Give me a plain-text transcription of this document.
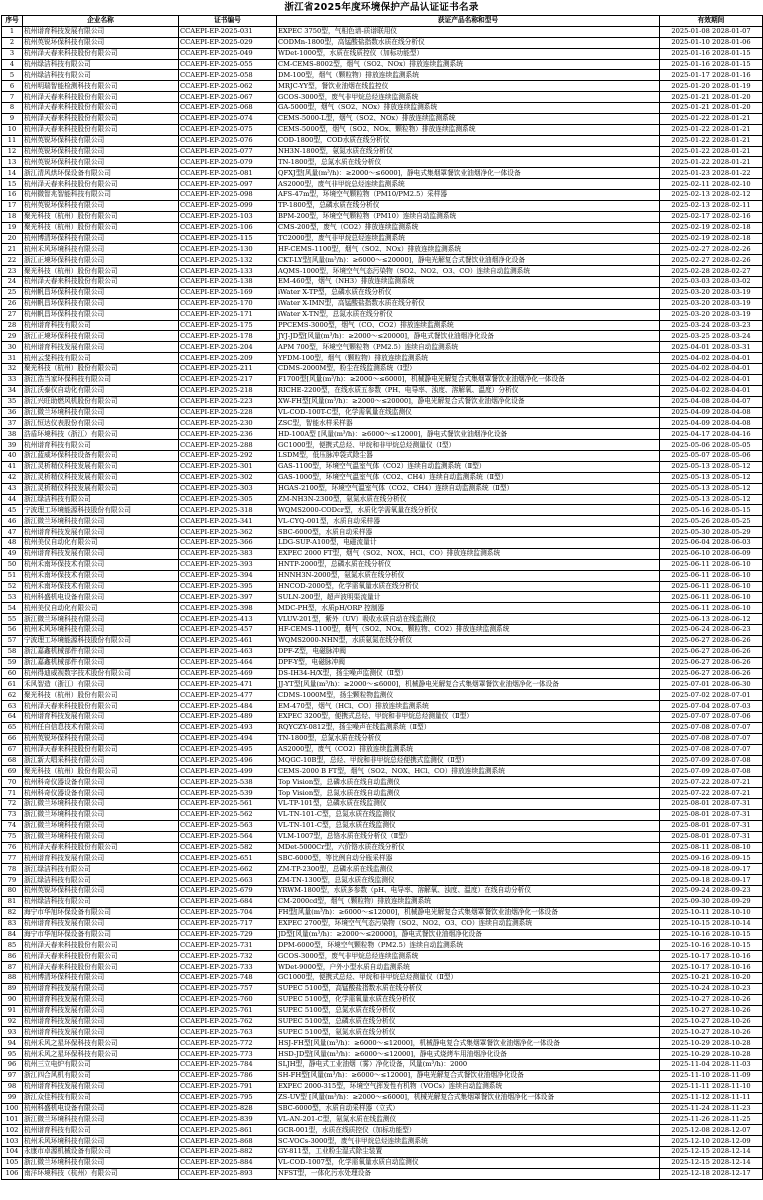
浙江省2025年度环境保护产品认证证书名录
序号	企业名称	证书编号	获证产品名称和型号	有效期间
1	杭州谱育科技发展有限公司	CCAEPI-EP-2025-031	EXPEC 3750型，气相色谱-质谱联用仪	2025-01-08 2028-01-07
2	杭州英锐环保科技有限公司	CCAEPI-EP-2025-029	CODMn-1800型，高锰酸盐指数水质在线分析仪	2025-01-10 2028-01-06
3	杭州泽天春来科技股份有限公司	CCAEPI-EP-2025-049	WDet-1000型，水质在线质控仪（加标功能型）	2025-01-16 2028-01-15
4	杭州绿洁科技有限公司	CCAEPI-EP-2025-055	CM-CEMS-8002型，烟气（SO2、NOx）排放连续监测系统	2025-01-16 2028-01-15
5	杭州绿洁科技有限公司	CCAEPI-EP-2025-058	DM-100型，烟气（颗粒物）排放连续监测系统	2025-01-17 2028-01-16
6	杭州明瑞智能检测科技有限公司	CCAEPI-EP-2025-062	MRJC-YY型，餐饮业油烟在线监控仪	2025-01-20 2028-01-19
7	杭州泽天春来科技股份有限公司	CCAEPI-EP-2025-067	GCOS-3000型，废气非甲烷总烃连续监测系统	2025-01-21 2028-01-20
8	杭州泽天春来科技股份有限公司	CCAEPI-EP-2025-068	GA-5000型，烟气（SO2、NOx）排放连续监测系统	2025-01-21 2028-01-20
9	杭州泽天春来科技股份有限公司	CCAEPI-EP-2025-074	CEMS-5000-L型，烟气（SO2、NOx）排放连续监测系统	2025-01-22 2028-01-21
10	杭州泽天春来科技股份有限公司	CCAEPI-EP-2025-075	CEMS-5000型，烟气（SO2、NOx、颗粒物）排放连续监测系统	2025-01-22 2028-01-21
11	杭州英锐环保科技有限公司	CCAEPI-EP-2025-076	COD-1800型，COD水质在线分析仪	2025-01-22 2028-01-21
12	杭州英锐环保科技有限公司	CCAEPI-EP-2025-077	NH3N-1800型，氨氮水质在线分析仪	2025-01-22 2028-01-21
13	杭州英锐环保科技有限公司	CCAEPI-EP-2025-079	TN-1800型，总氮水质在线分析仪	2025-01-22 2028-01-21
14	浙江清风烘环保设备有限公司	CCAEPI-EP-2025-081	QFXJ型[风量(m³/h)：≥2000～≤6000]，静电式集烟罩餐饮业油烟净化一体设备	2025-01-23 2028-01-22
15	杭州泽天春来科技股份有限公司	CCAEPI-EP-2025-097	AS2000型，废气非甲烷总烃连续监测系统	2025-02-11 2028-02-10
16	杭州微智兆智能科技有限公司	CCAEPI-EP-2025-098	AFS-47m型，环境空气颗粒物（PM10/PM2.5）采样器	2025-02-13 2028-02-12
17	杭州英锐环保科技有限公司	CCAEPI-EP-2025-099	TP-1800型，总磷水质在线分析仪	2025-02-13 2028-02-11
18	聚光科技（杭州）股份有限公司	CCAEPI-EP-2025-103	BPM-200型，环境空气颗粒物（PM10）连续自动监测系统	2025-02-17 2028-02-16
19	聚光科技（杭州）股份有限公司	CCAEPI-EP-2025-106	CMS-200型，废气（CO2）排放连续监测系统	2025-02-19 2028-02-18
20	杭州博清环保科技有限公司	CCAEPI-EP-2025-115	TC2000型，废气非甲烷总烃连续监测系统	2025-02-19 2028-02-18
21	杭州禾风环境科技有限公司	CCAEPI-EP-2025-130	HF-CEMS-1100型，烟气（SO2、NOx）排放连续监测系统	2025-02-27 2028-02-26
22	浙江正境环保科技有限公司	CCAEPI-EP-2025-132	CKT-LY型[风量(m³/h)：≥6000～≤20000]，静电光解复合式餐饮业油烟净化设备	2025-02-27 2028-02-26
23	聚光科技（杭州）股份有限公司	CCAEPI-EP-2025-133	AQMS-1000型，环境空气气态污染物（SO2、NO2、O3、CO）连续自动监测系统	2025-02-28 2028-02-27
24	杭州泽天春来科技股份有限公司	CCAEPI-EP-2025-138	EM-460型，烟气（NH3）排放连续监测系统	2025-03-03 2028-03-02
25	杭州帆昌环保科技有限公司	CCAEPI-EP-2025-169	iWater X-TP型，总磷水质在线分析仪	2025-03-20 2028-03-19
26	杭州帆昌环保科技有限公司	CCAEPI-EP-2025-170	iWater X-IMN型，高锰酸盐指数水质在线分析仪	2025-03-20 2028-03-19
27	杭州帆昌环保科技有限公司	CCAEPI-EP-2025-171	iWater X-TN型，总氮水质在线分析仪	2025-03-20 2028-03-19
28	杭州谱育科技有限公司	CCAEPI-EP-2025-175	PPCEMS-3000型，烟气（CO、CO2）排放连续监测系统	2025-03-24 2028-03-23
29	浙江正境环保科技有限公司	CCAEPI-EP-2025-178	JYJ-JD型[风量(m³/h)：≥2000～≤20000]，静电式餐饮业油烟净化设备	2025-03-25 2028-03-24
30	杭州谱育科技发展有限公司	CCAEPI-EP-2025-204	APM 700型，环境空气颗粒物（PM2.5）连续自动监测系统	2025-04-01 2028-03-31
31	杭州云斐科技有限公司	CCAEPI-EP-2025-209	YFDM-100型，烟气（颗粒物）排放连续监测系统	2025-04-02 2028-04-01
32	聚光科技（杭州）股份有限公司	CCAEPI-EP-2025-211	CDMS-2000M型，粉尘在线监测系统（I型）	2025-04-02 2028-04-01
33	浙江浩当家环保科技有限公司	CCAEPI-EP-2025-217	F1700型[风量(m³/h)：≥2000～≤6000]，机械静电光解复合式集烟罩餐饮业油烟净化一体设备	2025-04-02 2028-04-01
34	浙江沃泰仪自动化有限公司	CCAEPI-EP-2025-218	RICHE-2200型，在线水质五参数（PH、电导率、浊度、溶解氧、温度）分析仪	2025-04-02 2028-04-01
35	浙江兴旺助燃风机股份有限公司	CCAEPI-EP-2025-223	XW-FH型[风量(m³/h)：≥2000～≤20000]，静电光解复合式餐饮业油烟净化设备	2025-04-08 2028-04-07
36	浙江微兰环境科技有限公司	CCAEPI-EP-2025-228	VL-COD-100T-C型，化学需氧量在线监测仪	2025-04-09 2028-04-08
37	浙江恒达仪表股份有限公司	CCAEPI-EP-2025-230	ZSC型，智能水样采样器	2025-04-09 2028-04-08
38	浩盾环境科技（浙江）有限公司	CCAEPI-EP-2025-236	HD-100A型 [风量(m³/h)：≥6000～≤12000]，静电式餐饮业油烟净化设备	2025-04-17 2028-04-16
39	杭州谱育科技有限公司	CCAEPI-EP-2025-288	GC1000型，便携式总烃、甲烷和非甲烷总烃测量仪（Ⅰ型）	2025-05-06 2028-05-05
40	浙江蓝威环保科技设备有限公司	CCAEPI-EP-2025-292	LSDM型，低压脉冲袋式除尘器	2025-05-07 2028-05-06
41	浙江灵析精仪科技发展有限公司	CCAEPI-EP-2025-301	GAS-1100型，环境空气温室气体（CO2）连续自动监测系统（Ⅱ型）	2025-05-13 2028-05-12
42	浙江灵析精仪科技发展有限公司	CCAEPI-EP-2025-302	GAS-1000型，环境空气温室气体（CO2、CH4）连续自动监测系统（Ⅱ型）	2025-05-13 2028-05-12
43	浙江灵析精仪科技发展有限公司	CCAEPI-EP-2025-303	HGAS-2100型，环境空气温室气体（CO2、CH4）连续自动监测系统（Ⅱ型）	2025-05-13 2028-05-12
44	浙江绿洁科技有限公司	CCAEPI-EP-2025-305	ZM-NH3N-2300型，氨氮水质在线分析仪	2025-05-13 2028-05-12
45	宁波理工环境能源科技股份有限公司	CCAEPI-EP-2025-318	WQMS2000-CODcr型，水质化学需氧量在线分析仪	2025-05-16 2028-05-15
46	浙江微兰环境科技有限公司	CCAEPI-EP-2025-341	VL-CYQ-001型，水质自动采样器	2025-05-26 2028-05-25
47	杭州谱育科技发展有限公司	CCAEPI-EP-2025-362	SBC-6000型，水质自动采样器	2025-05-30 2028-05-29
48	杭州美仪自动化有限公司	CCAEPI-EP-2025-366	LDG-SUP-A100型，电磁流量计	2025-06-04 2028-06-03
49	杭州谱育科技发展有限公司	CCAEPI-EP-2025-383	EXPEC 2000 FT型，烟气（SO2、NOX、HCl、CO）排放连续监测系统	2025-06-10 2028-06-09
50	杭州禾南环保技术有限公司	CCAEPI-EP-2025-393	HNTP-2000型，总磷水质在线分析仪	2025-06-11 2028-06-10
51	杭州禾南环保技术有限公司	CCAEPI-EP-2025-394	HNNH3N-2000型，氨氮水质在线分析仪	2025-06-11 2028-06-10
52	杭州禾南环保技术有限公司	CCAEPI-EP-2025-395	HNCOD-2000型，化学需氧量水质在线分析仪	2025-06-11 2028-06-10
53	杭州科盛机电设备有限公司	CCAEPI-EP-2025-397	SULN-200型，超声波明渠流量计	2025-06-11 2028-06-10
54	杭州美仪自动化有限公司	CCAEPI-EP-2025-398	MDC-PH型，水质pH/ORP 控制器	2025-06-11 2028-06-10
55	浙江微兰环境科技有限公司	CCAEPI-EP-2025-413	VLUV-201型，紫外（UV）吸收水质自动在线监测仪	2025-06-13 2028-06-12
56	杭州禾风环境科技有限公司	CCAEPI-EP-2025-457	HF-CEMS-1100型，烟气（SO2、NOx、颗粒物、CO2）排放连续监测系统	2025-06-24 2028-06-23
57	宁波理工环境能源科技股份有限公司	CCAEPI-EP-2025-461	WQMS2000-NHN型，水质氨氮在线分析仪	2025-06-27 2028-06-26
58	浙江嘉鑫机械部件有限公司	CCAEPI-EP-2025-463	DPF-Z型，电磁脉冲阀	2025-06-27 2028-06-26
59	浙江嘉鑫机械部件有限公司	CCAEPI-EP-2025-464	DPF-Y型，电磁脉冲阀	2025-06-27 2028-06-26
60	杭州得迪威视数字技术股份有限公司	CCAEPI-EP-2025-469	DS-IH34-H/X型，扬尘噪声监测仪（Ⅱ型）	2025-06-27 2028-06-26
61	禾风智造（浙江）有限公司	CCAEPI-EP-2025-471	JJ-YT型[风量(m³/h)：≥2000～≤6000]，机械静电光解复合式集烟罩餐饮业油烟净化一体设备	2025-07-01 2028-06-30
62	聚光科技（杭州）股份有限公司	CCAEPI-EP-2025-477	CDMS-1000M型，扬尘颗粒物监测仪	2025-07-02 2028-07-01
63	杭州泽天春来科技股份有限公司	CCAEPI-EP-2025-484	EM-470型，烟气（HCl、CO）排放连续监测系统	2025-07-04 2028-07-03
64	杭州谱育科技发展有限公司	CCAEPI-EP-2025-489	EXPEC 3200型，便携式总烃、甲烷和非甲烷总烃测量仪（Ⅱ型）	2025-07-07 2028-07-06
65	杭州任自信息技术有限公司	CCAEPI-EP-2025-493	RQYCZY-0812型，扬尘噪声在线监测系统（Ⅱ型）	2025-07-08 2028-07-07
66	杭州英锐环保科技有限公司	CCAEPI-EP-2025-494	TN-1800型，总氮水质在线分析仪	2025-07-08 2028-07-07
67	杭州泽天春来科技股份有限公司	CCAEPI-EP-2025-495	AS2000型，废气（CO2）排放连续监测系统	2025-07-08 2028-07-07
68	浙江新大唱采科技有限公司	CCAEPI-EP-2025-496	MQGC-10B型，总烃、甲烷和非甲烷总烃便携式监测仪（Ⅱ型）	2025-07-09 2028-07-08
69	聚光科技（杭州）股份有限公司	CCAEPI-EP-2025-499	CEMS-2000 B FT型，烟气（SO2、NOX、HCl、CO）排放连续监测系统	2025-07-09 2028-07-08
70	杭州科奇仪器设备有限公司	CCAEPI-EP-2025-538	Top Vision型，总磷水质在线自动监测仪	2025-07-22 2028-07-21
71	杭州科奇仪器设备有限公司	CCAEPI-EP-2025-539	Top Vision型，总氮水质在线自动监测仪	2025-07-22 2028-07-21
72	浙江微兰环境科技有限公司	CCAEPI-EP-2025-561	VL-TP-101型，总磷水质在线监测仪	2025-08-01 2028-07-31
73	浙江微兰环境科技有限公司	CCAEPI-EP-2025-562	VL-TN-101-C型，总氮水质在线监测仪	2025-08-01 2028-07-31
74	浙江微兰环境科技有限公司	CCAEPI-EP-2025-563	VL-TN-101-C型，总氮水质在线监测仪	2025-08-01 2028-07-31
75	浙江微兰环境科技有限公司	CCAEPI-EP-2025-564	VLM-1007型，总铬水质在线分析仪（Ⅱ型）	2025-08-01 2028-07-31
76	杭州泽天春来科技股份有限公司	CCAEPI-EP-2025-582	MDet-5000Cr型，六价铬水质在线分析仪	2025-08-11 2028-08-10
77	杭州谱育科技发展有限公司	CCAEPI-EP-2025-651	SBC-6000型，等比例自动分瓶采样器	2025-09-16 2028-09-15
78	浙江绿洁科技有限公司	CCAEPI-EP-2025-662	ZM-TP-2300型，总磷水质在线监测仪	2025-09-18 2028-09-17
79	浙江绿洁科技有限公司	CCAEPI-EP-2025-663	ZM-TN-1300型，总氮水质在线监测仪	2025-09-18 2028-09-17
80	杭州英锐环保科技有限公司	CCAEPI-EP-2025-679	YRWM-1800型，水质多参数（pH、电导率、溶解氧、浊度、温度）在线自动分析仪	2025-09-24 2028-09-23
81	杭州绿洁科技有限公司	CCAEPI-EP-2025-684	CM-2000cd型，烟气（颗粒物）排放连续监测系统	2025-09-30 2028-09-29
82	海宁市华旭环保设备有限公司	CCAEPI-EP-2025-704	FH型[风量(m³/h)：≥6000～≤12000]，机械静电光解复合式集烟罩餐饮业油烟净化一体设备	2025-10-11 2028-10-10
83	杭州谱育科技发展有限公司	CCAEPI-EP-2025-717	EXPEC 2700型，环境空气气态污染物（SO2、NO2、O3、CO）连续自动监测系统	2025-10-15 2028-10-14
84	海宁市华旭环保设备有限公司	CCAEPI-EP-2025-729	JD型[风量(m³/h)：≥2000～≤20000]，静电式餐饮业油烟净化设备	2025-10-16 2028-10-15
85	杭州泽天春来科技股份有限公司	CCAEPI-EP-2025-731	DPM-6000型，环境空气颗粒物（PM2.5）连续自动监测系统	2025-10-16 2028-10-15
86	杭州泽天春来科技股份有限公司	CCAEPI-EP-2025-732	GCOS-3000型，废气非甲烷总烃连续监测系统	2025-10-17 2028-10-16
87	杭州泽天春来科技股份有限公司	CCAEPI-EP-2025-733	WDet-9000型，户外小型水质自动监测系统	2025-10-17 2028-10-16
88	杭州博清环保科技有限公司	CCAEPI-EP-2025-748	GC1000型，便携式总烃、甲烷和非甲烷总烃测量仪（Ⅱ型）	2025-10-21 2028-10-20
89	杭州谱育科技发展有限公司	CCAEPI-EP-2025-757	SUPEC 5100型，高锰酸盐指数水质在线分析仪	2025-10-24 2028-10-23
90	杭州谱育科技发展有限公司	CCAEPI-EP-2025-760	SUPEC 5100型，化学需氧量水质在线分析仪	2025-10-27 2028-10-26
91	杭州谱育科技发展有限公司	CCAEPI-EP-2025-761	SUPEC 5100型，总氮水质在线分析仪	2025-10-27 2028-10-26
92	杭州谱育科技发展有限公司	CCAEPI-EP-2025-762	SUPEC 5100型，总磷水质在线分析仪	2025-10-27 2028-10-26
93	杭州谱育科技发展有限公司	CCAEPI-EP-2025-763	SUPEC 5100型，氨氮水质在线分析仪	2025-10-27 2028-10-26
94	杭州禾风之星环保科技有限公司	CCAEPI-EP-2025-772	HSJ-FH型[风量(m³/h)：≥6000～≤12000]，机械静电复合式集烟罩餐饮业油烟净化一体设备	2025-10-29 2028-10-28
95	杭州禾风之星环保科技有限公司	CCAEPI-EP-2025-773	HSD-JD型[风量(m³/h)：≥6000～≤12000]，静电式烧烤车用油烟净化设备	2025-10-29 2028-10-28
96	杭州三立电炉有限公司	CCAEPI-EP-2025-784	SLJH型，静电式工业油烟（雾）净化设备，风量(m³/h)：2000	2025-11-04 2028-11-03
97	浙江四合风机有限公司	CCAEPI-EP-2025-786	SH-FH型[风量(m³/h)：≥6000～≤12000]，静电光解复合式餐饮业油烟净化设备	2025-11-10 2028-11-09
98	杭州谱育科技发展有限公司	CCAEPI-EP-2025-791	EXPEC 2000-315型，环境空气挥发性有机物（VOCs）连续自动监测系统	2025-11-11 2028-11-10
99	浙江众佳科技有限公司	CCAEPI-EP-2025-795	ZS-UV型 [风量(m³/h)：≥2000～≤6000]，机械光解复合式集烟罩餐饮业油烟净化一体设备	2025-11-12 2028-11-11
100	杭州科盛机电设备有限公司	CCAEPI-EP-2025-828	SBC-6000型，水质自动采样器（立式）	2025-11-24 2028-11-23
101	浙江微兰环境科技有限公司	CCAEPI-EP-2025-839	VL-AN-201-C型，氨氮水质在线监测仪	2025-11-26 2028-11-25
102	杭州谱育科技有限公司	CCAEPI-EP-2025-861	GCR-001型，水质在线质控仪（加标功能型）	2025-12-08 2028-12-07
103	杭州禾风环境科技有限公司	CCAEPI-EP-2025-868	SC-VOCs-3000型，废气非甲烷总烃连续监测系统	2025-12-10 2028-12-09
104	永康市卓源机械设备有限公司	CCAEPI-EP-2025-882	GY-811型，工业粉尘湿式除尘装置	2025-12-15 2028-12-14
105	浙江微兰环境科技有限公司	CCAEPI-EP-2025-884	VL-COD-1007型，化学需氧量水质自动监测仪	2025-12-15 2028-12-14
106	南洋环境科技（杭州）有限公司	CCAEPI-EP-2025-893	NFST型，一体化污水处理设备	2025-12-18 2028-12-17
